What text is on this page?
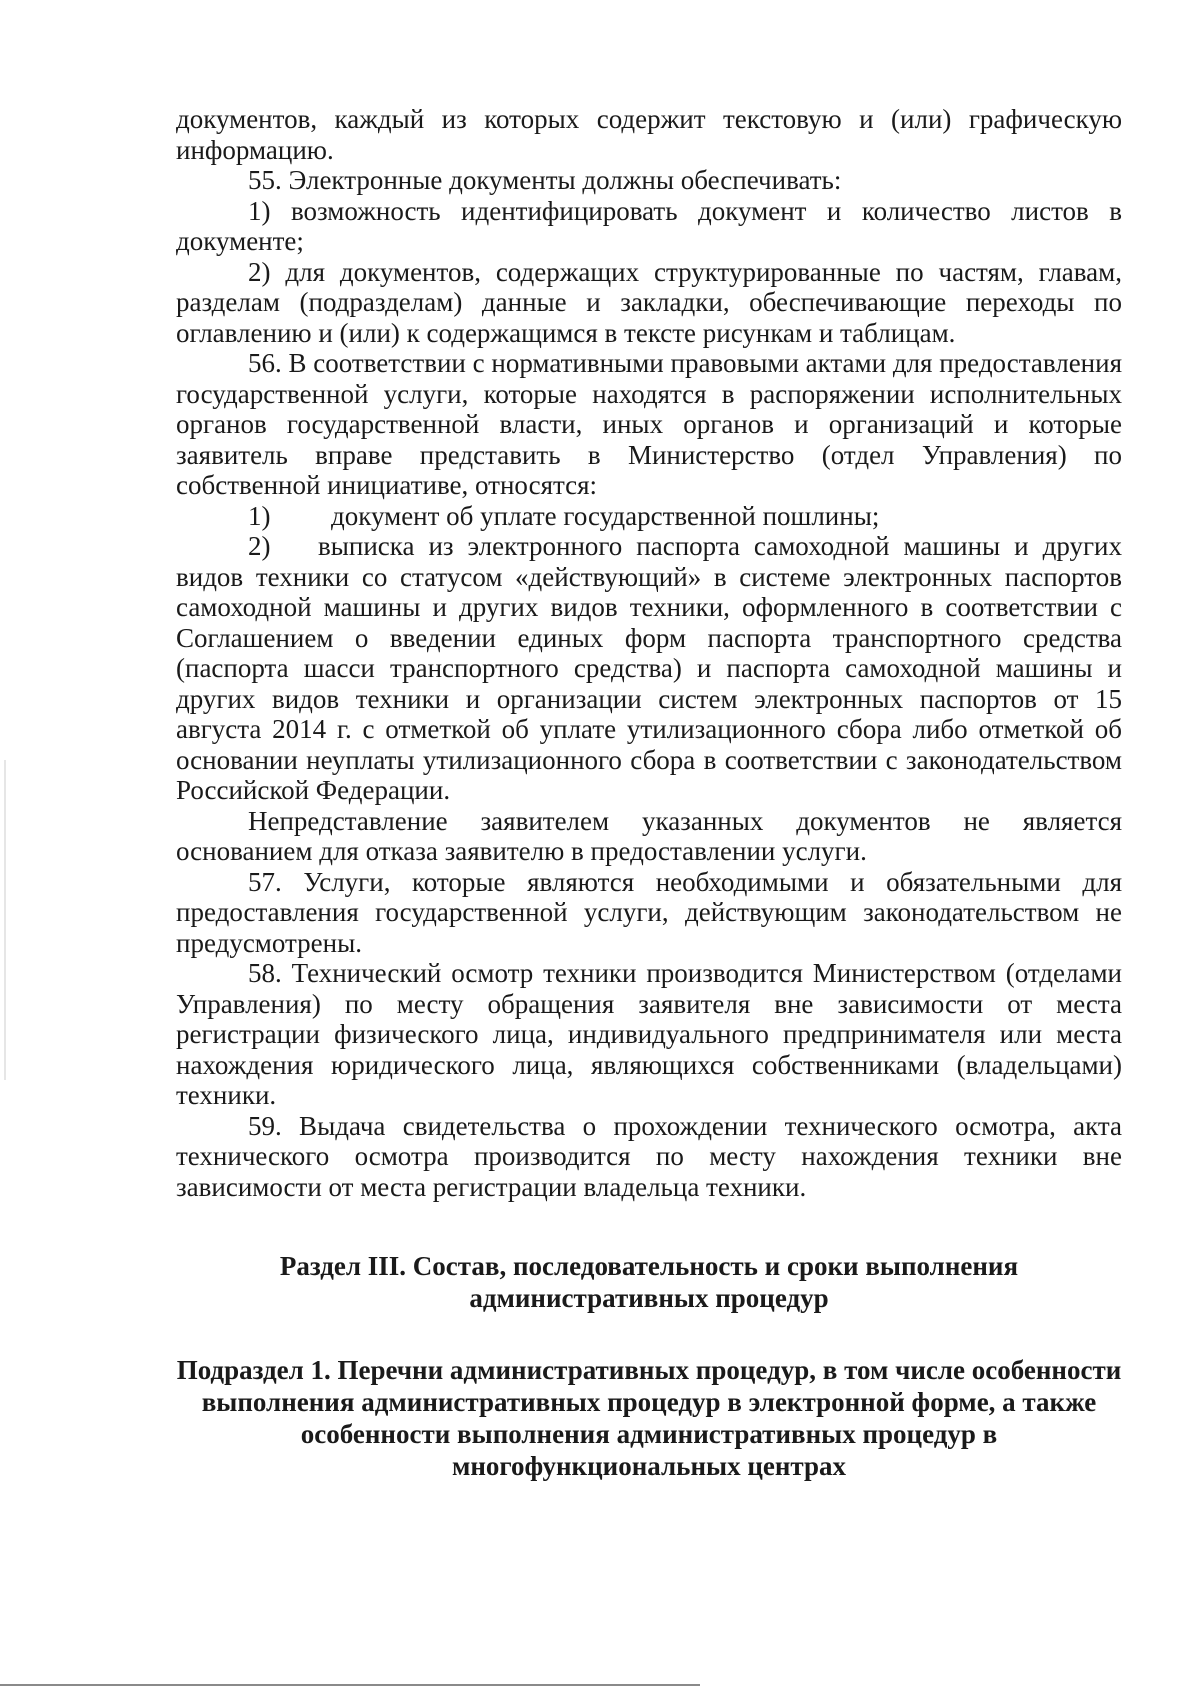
документов, каждый из которых содержит текстовую и (или) графическую информацию.

55. Электронные документы должны обеспечивать:

1) возможность идентифицировать документ и количество листов в документе;

2) для документов, содержащих структурированные по частям, главам, разделам (подразделам) данные и закладки, обеспечивающие переходы по оглавлению и (или) к содержащимся в тексте рисункам и таблицам.

56. В соответствии с нормативными правовыми актами для предоставления государственной услуги, которые находятся в распоряжении исполнительных органов государственной власти, иных органов и организаций и которые заявитель вправе представить в Министерство (отдел Управления) по собственной инициативе, относятся:

1)	документ об уплате государственной пошлины;

2) выписка из электронного паспорта самоходной машины и других видов техники со статусом «действующий» в системе электронных паспортов самоходной машины и других видов техники, оформленного в соответствии с Соглашением о введении единых форм паспорта транспортного средства (паспорта шасси транспортного средства) и паспорта самоходной машины и других видов техники и организации систем электронных паспортов от 15 августа 2014 г. с отметкой об уплате утилизационного сбора либо отметкой об основании неуплаты утилизационного сбора в соответствии с законодательством Российской Федерации.

Непредставление заявителем указанных документов не является основанием для отказа заявителю в предоставлении услуги.

57. Услуги, которые являются необходимыми и обязательными для предоставления государственной услуги, действующим законодательством не предусмотрены.

58. Технический осмотр техники производится Министерством (отделами Управления) по месту обращения заявителя вне зависимости от места регистрации физического лица, индивидуального предпринимателя или места нахождения юридического лица, являющихся собственниками (владельцами) техники.

59. Выдача свидетельства о прохождении технического осмотра, акта технического осмотра производится по месту нахождения техники вне зависимости от места регистрации владельца техники.

Раздел III. Состав, последовательность и сроки выполнения административных процедур

Подраздел 1. Перечни административных процедур, в том числе особенности выполнения административных процедур в электронной форме, а также особенности выполнения административных процедур в многофункциональных центрах
